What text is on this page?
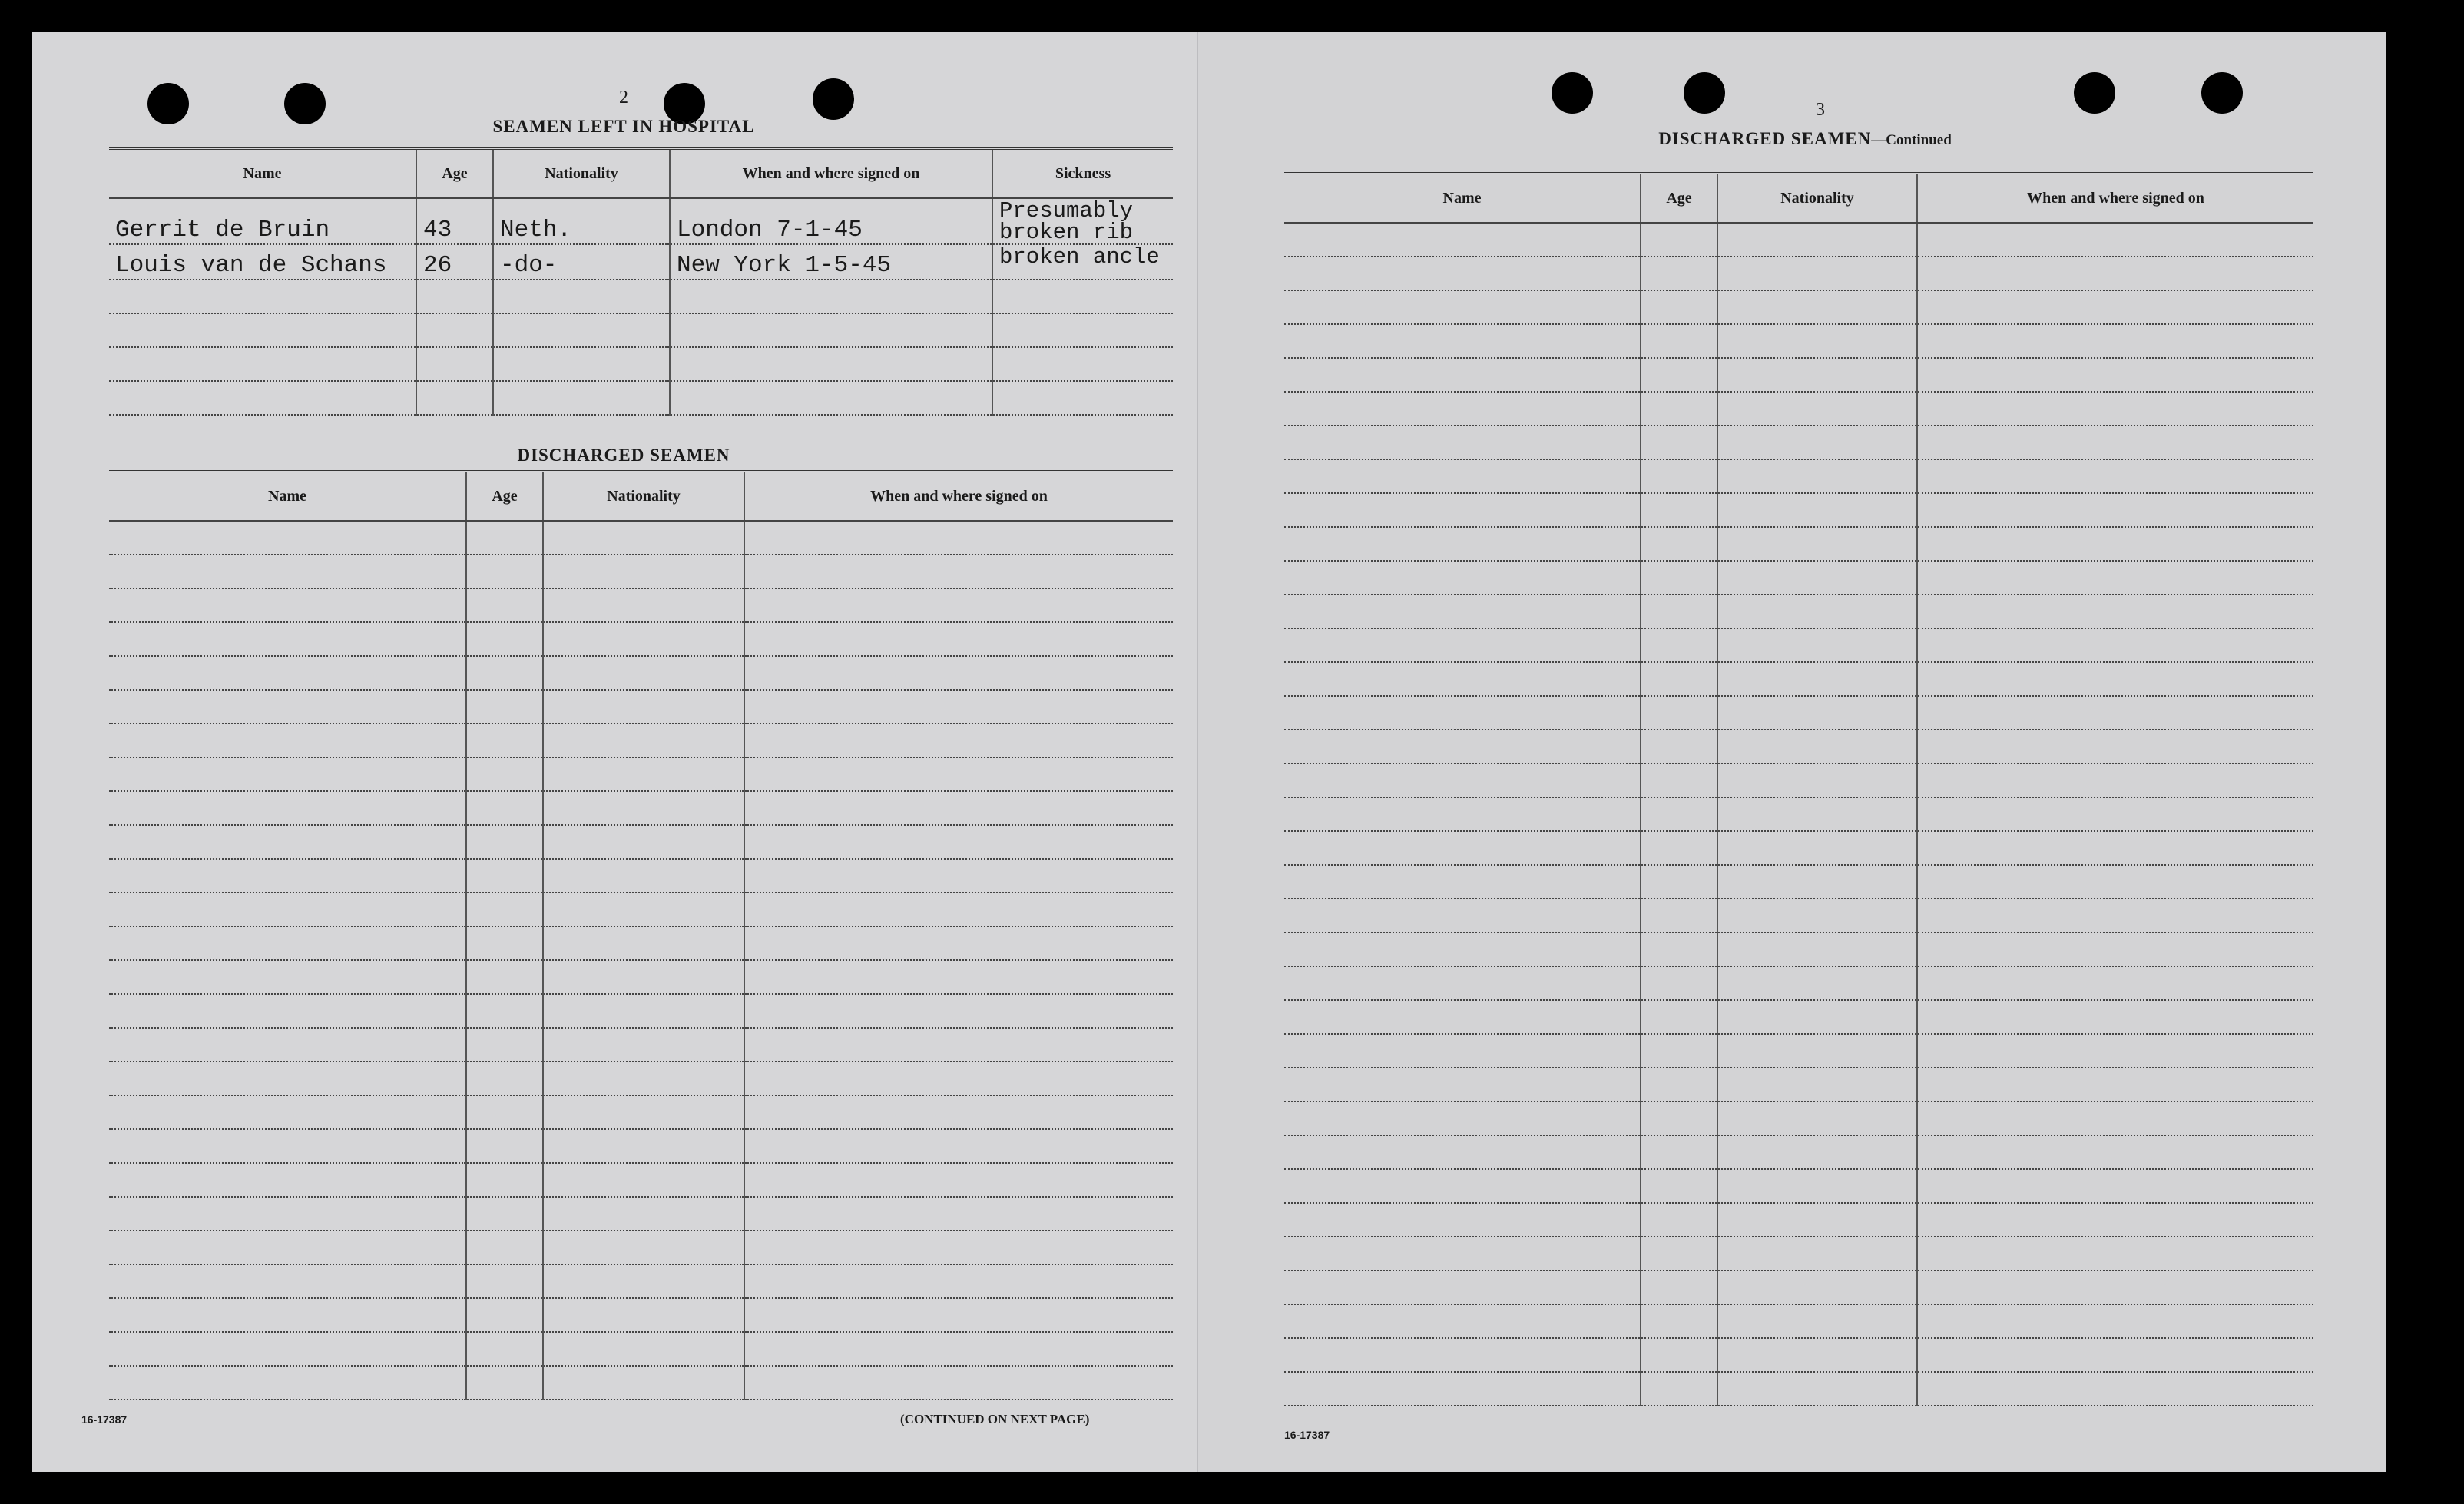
2
SEAMEN LEFT IN HOSPITAL
Name	Age	Nationality	When and where signed on	Sickness
Gerrit de Bruin	43	Neth.	London 7-1-45	Presumably broken rib
Louis van de Schans	26	-do-	New York 1-5-45	broken ancle

DISCHARGED SEAMEN
Name	Age	Nationality	When and where signed on

16-17387	(CONTINUED ON NEXT PAGE)
3
DISCHARGED SEAMEN—Continued
Name	Age	Nationality	When and where signed on

16-17387
